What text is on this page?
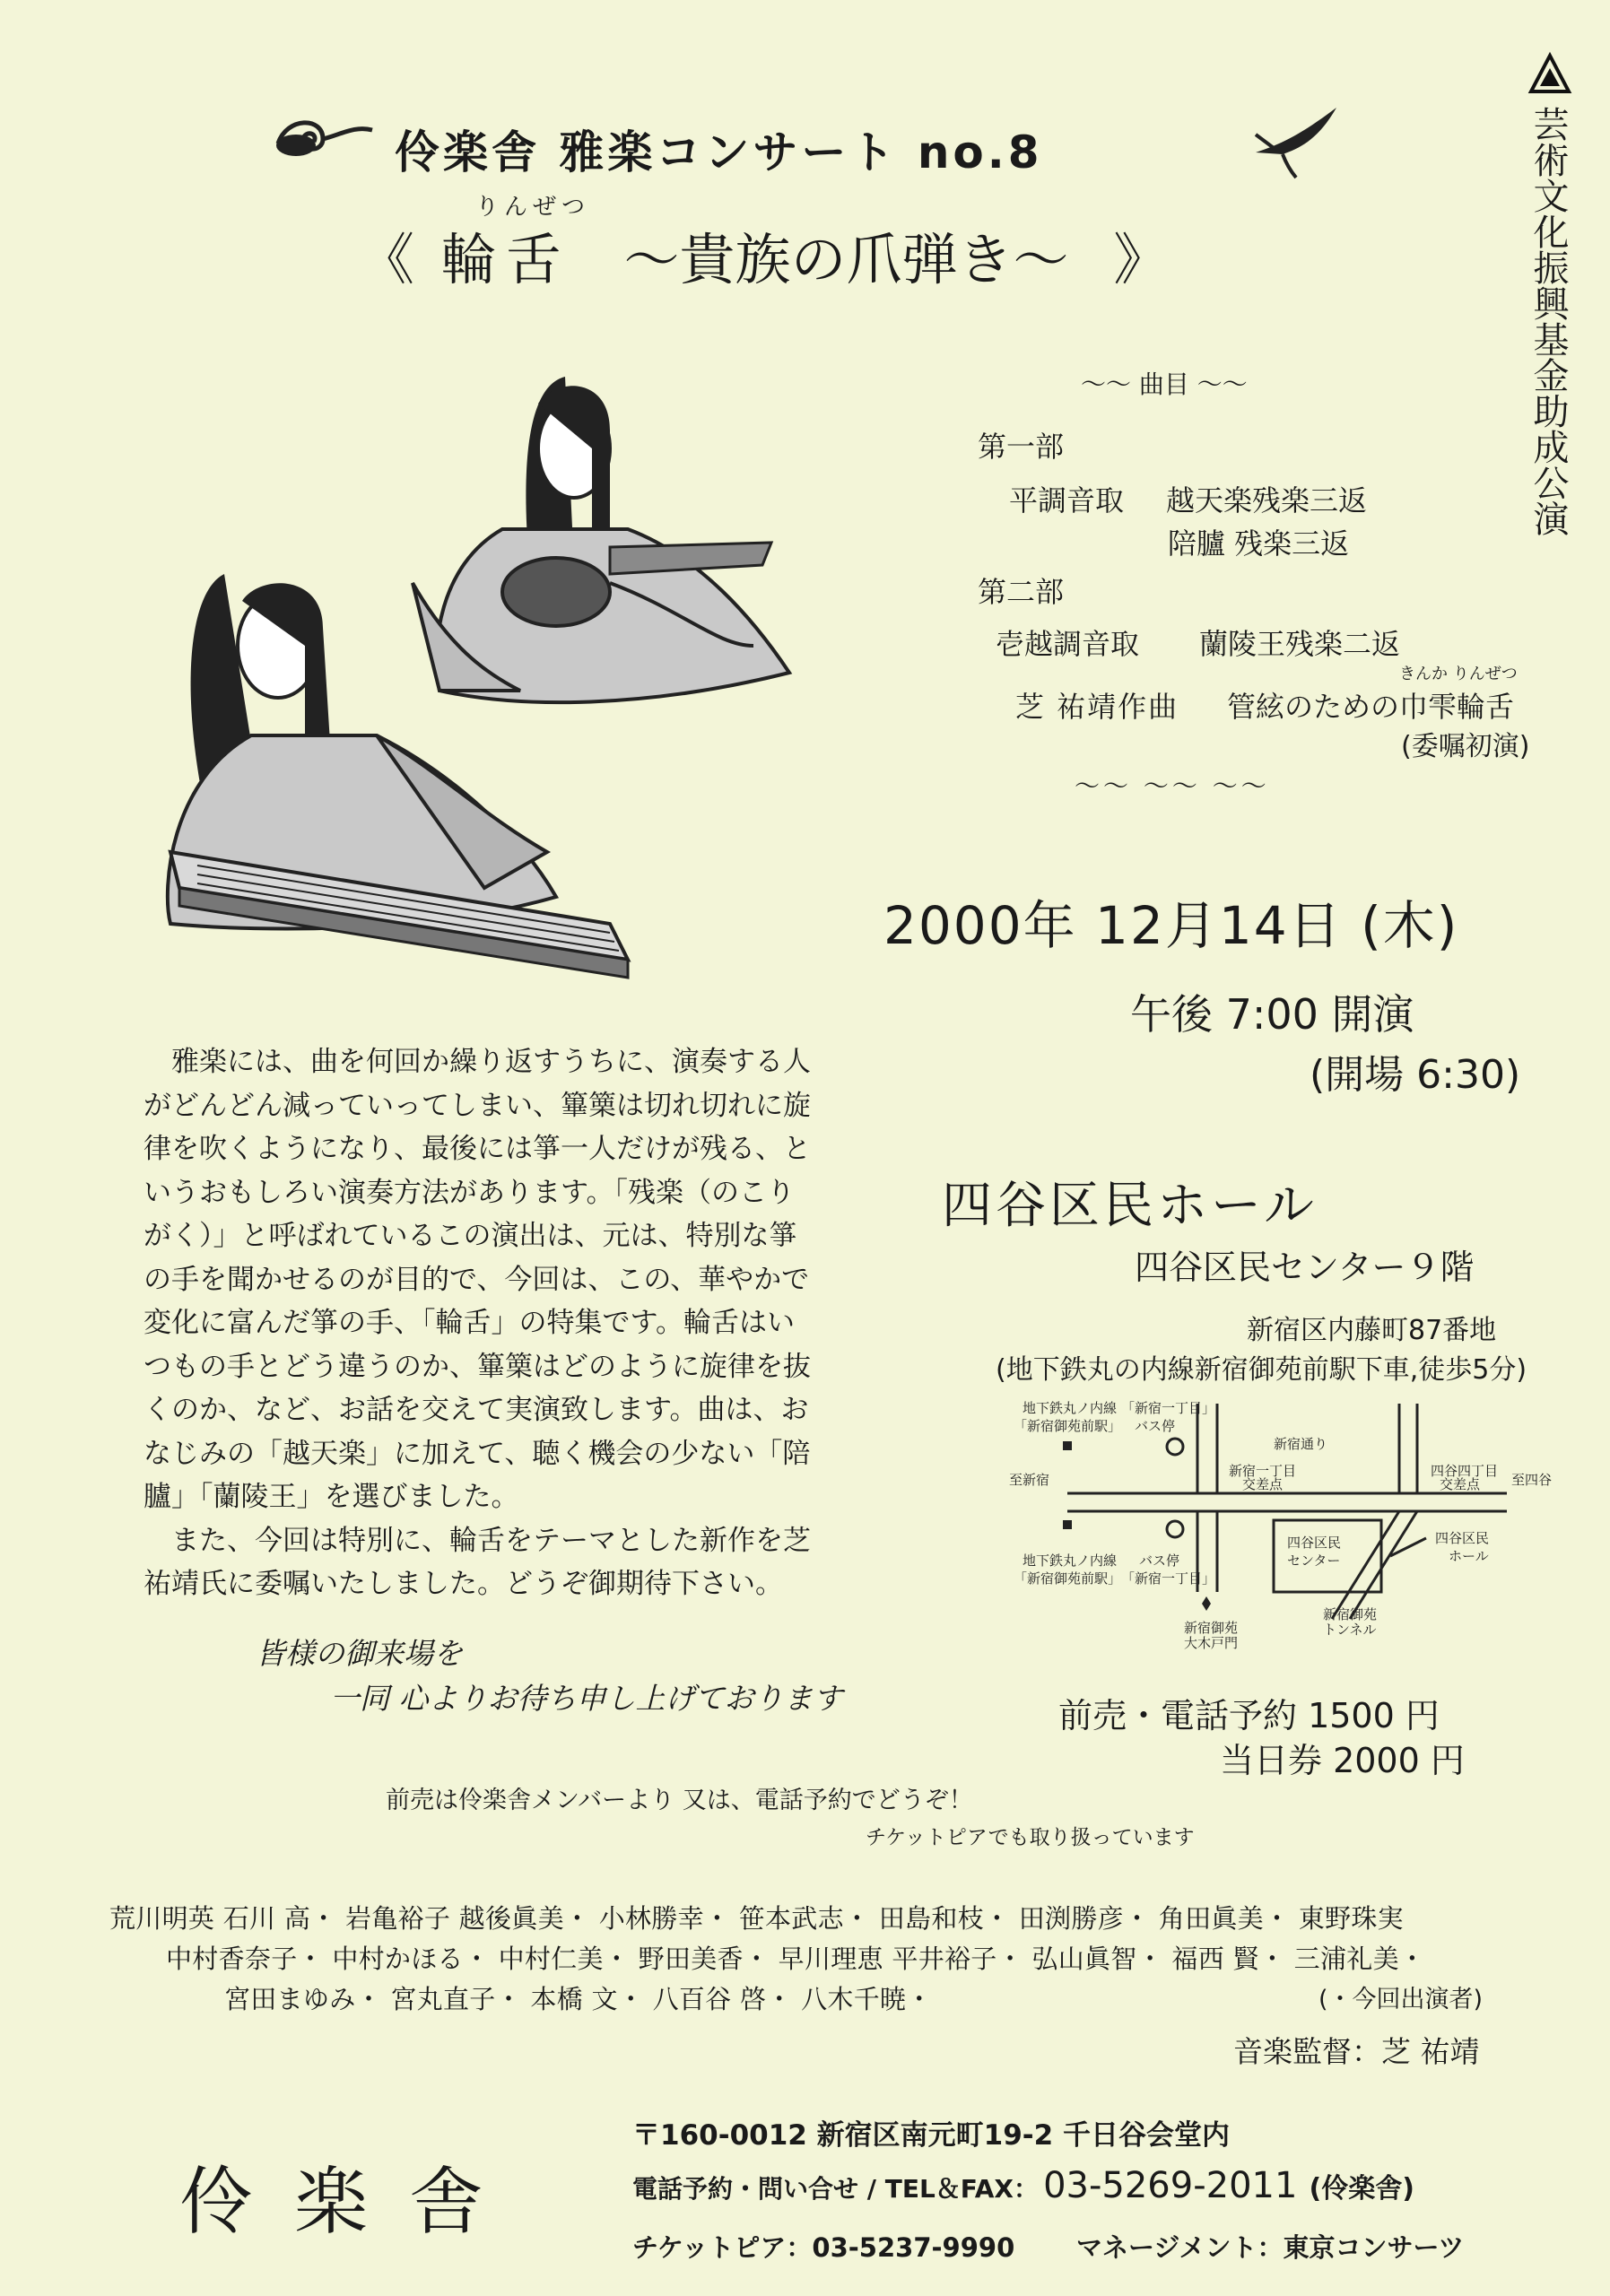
伶楽舎 雅楽コンサート no.8
りんぜつ
《 輪舌 ～貴族の爪弾き～ 》	芸術文化振興基金助成公演
～～ 曲目 ～～
第一部
平調音取 越天楽残楽三返
陪臚 残楽三返
第二部
壱越調音取 蘭陵王残楽二返
きんか りんぜつ
芝 祐靖作曲 管絃のための 巾雫輪舌
(委嘱初演)
～～ ～～ ～～
2000年 12月14日 (木)
午後 7:00 開演
(開場 6:30)
四谷区民ホール
四谷区民センター９階
新宿区内藤町87番地
(地下鉄丸の内線新宿御苑前駅下車,徒歩5分)
雅楽には、曲を何回か繰り返すうちに、演奏する人
がどんどん減っていってしまい、篳篥は切れ切れに旋
律を吹くようになり、最後には箏一人だけが残る、と
いうおもしろい演奏方法があります。「残楽（のこり
がく）」と呼ばれているこの演出は、元は、特別な箏
の手を聞かせるのが目的で、今回は、この、華やかで
変化に富んだ箏の手、「輪舌」の特集です。輪舌はい
つもの手とどう違うのか、篳篥はどのように旋律を抜
くのか、など、お話を交えて実演致します。曲は、お
なじみの「越天楽」に加えて、聴く機会の少ない「陪
臚」「蘭陵王」を選びました。
また、今回は特別に、輪舌をテーマとした新作を芝
祐靖氏に委嘱いたしました。どうぞ御期待下さい。
四谷区民
センター
四谷区民
ホール
地下鉄丸ノ内線
「新宿御苑前駅」
「新宿一丁目」
バス停
新宿通り
至新宿
新宿一丁目
交差点
四谷四丁目
交差点 至四谷
地下鉄丸ノ内線
「新宿御苑前駅」
バス停
「新宿一丁目」
新宿御苑
大木戸門
新宿御苑
トンネル
皆様の御来場を
一同 心よりお待ち申し上げております	前売・電話予約 1500 円
当日券 2000 円
前売は伶楽舎メンバーより 又は、電話予約でどうぞ！
チケットピアでも取り扱っています
荒川明英 石川 高・ 岩亀裕子 越後眞美・ 小林勝幸・ 笹本武志・ 田島和枝・ 田渕勝彦・ 角田眞美・ 東野珠実
中村香奈子・ 中村かほる・ 中村仁美・ 野田美香・ 早川理恵 平井裕子・ 弘山眞智・ 福西 賢・ 三浦礼美・
宮田まゆみ・ 宮丸直子・ 本橋 文・ 八百谷 啓・ 八木千暁・	(・今回出演者)
音楽監督：芝 祐靖
伶 楽 舎
〒160-0012 新宿区南元町19-2 千日谷会堂内
電話予約・問い合せ / TEL＆FAX： 03-5269-2011 (伶楽舎)
チケットピア：03-5237-9990 マネージメント：東京コンサーツ
